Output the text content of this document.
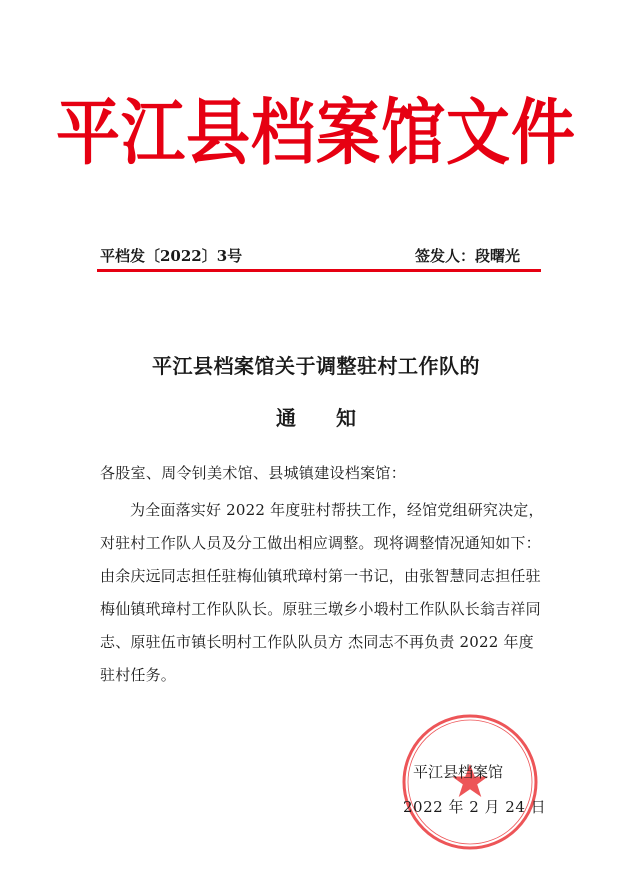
平江县档案馆文件
平档发〔2022〕3号	签发人：段曙光
平江县档案馆关于调整驻村工作队的
通知
各股室、周令钊美术馆、县城镇建设档案馆：

为全面落实好 2022 年度驻村帮扶工作，经馆党组研究决定，对驻村工作队人员及分工做出相应调整。现将调整情况通知如下：由余庆远同志担任驻梅仙镇玳璋村第一书记，由张智慧同志担任驻梅仙镇玳璋村工作队队长。原驻三墩乡小塅村工作队队长翁吉祥同志、原驻伍市镇长明村工作队队员方 杰同志不再负责 2022 年度驻村任务。

平江县档案馆
2022 年 2 月 24 日
